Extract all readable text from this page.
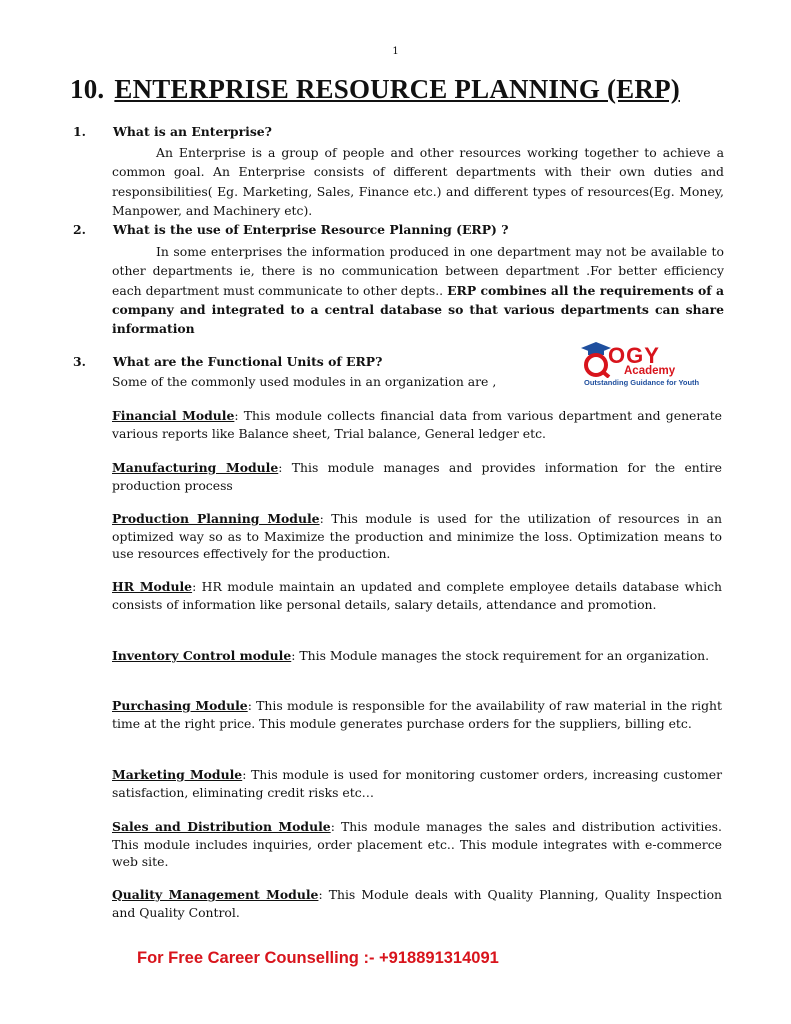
1
10. ENTERPRISE RESOURCE PLANNING (ERP)
1. What is an Enterprise?
An Enterprise is a group of people and other resources working together to achieve a common goal. An Enterprise consists of different departments with their own duties and responsibilities( Eg. Marketing, Sales, Finance etc.) and different types of resources(Eg. Money, Manpower, and Machinery etc).
2. What is the use of Enterprise Resource Planning (ERP) ?
In some enterprises the information produced in one department may not be available to other departments ie, there is no communication between department .For better efficiency each department must communicate to other depts.. ERP combines all the requirements of a company and integrated to a central database so that various departments can share information
3. What are the Functional Units of ERP?
Some of the commonly used modules in an organization are ,
OGY
Academy
Outstanding Guidance for Youth
Financial Module: This module collects financial data from various department and generate various reports like Balance sheet, Trial balance, General ledger etc.
Manufacturing Module: This module manages and provides information for the entire production process
Production Planning Module: This module is used for the utilization of resources in an optimized way so as to Maximize the production and minimize the loss. Optimization means to use resources effectively for the production.
HR Module: HR module maintain an updated and complete employee details database which consists of information like personal details, salary details, attendance and promotion.
Inventory Control module: This Module manages the stock requirement for an organization.
Purchasing Module: This module is responsible for the availability of raw material in the right time at the right price. This module generates purchase orders for the suppliers, billing etc.
Marketing Module: This module is used for monitoring customer orders, increasing customer satisfaction, eliminating credit risks etc…
Sales and Distribution Module: This module manages the sales and distribution activities. This module includes inquiries, order placement etc.. This module integrates with e-commerce web site.
Quality Management Module: This Module deals with Quality Planning, Quality Inspection and Quality Control.
For Free Career Counselling :- +918891314091
